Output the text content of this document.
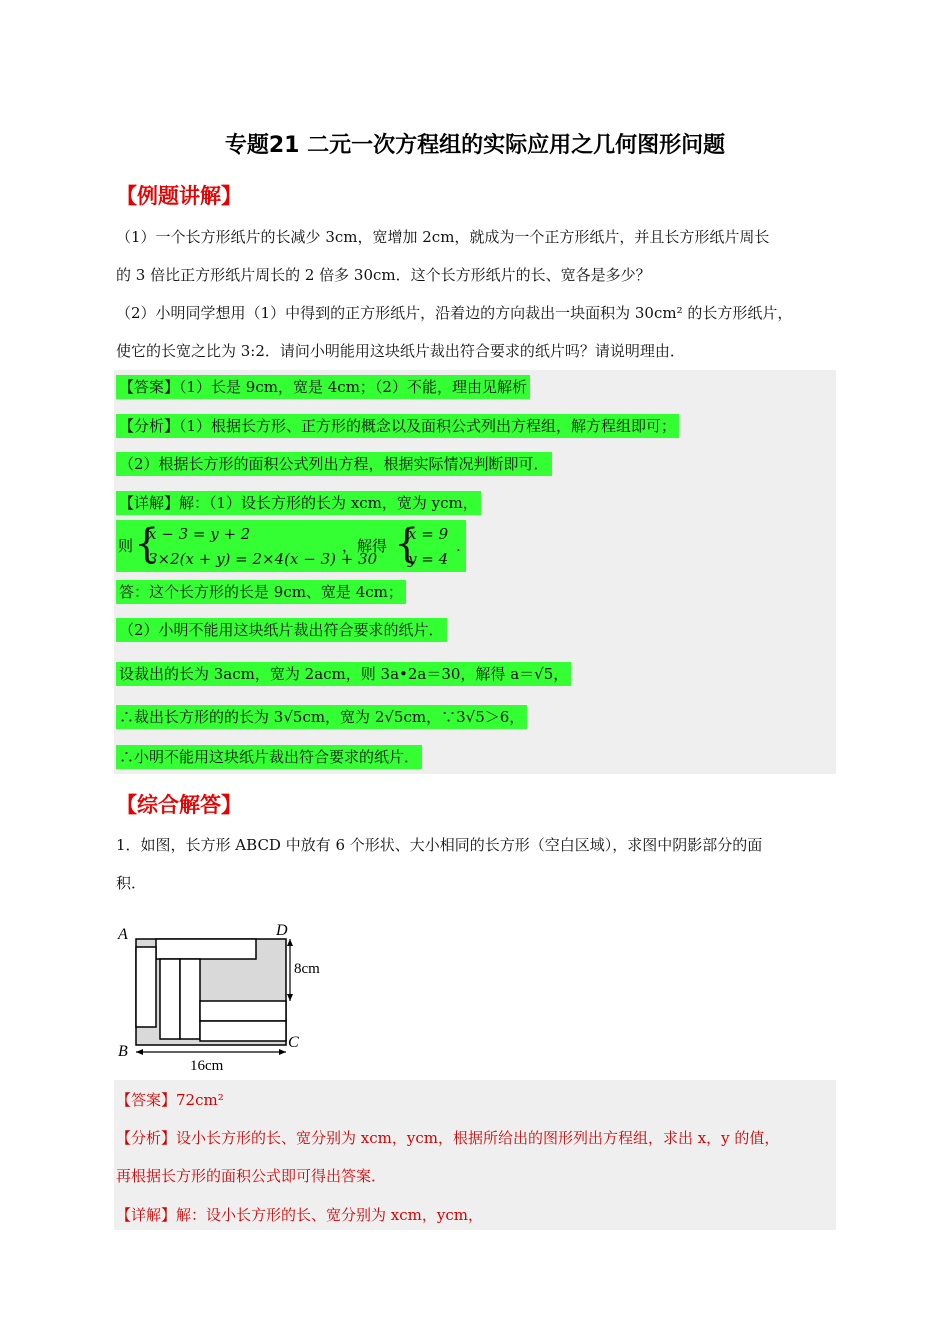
专题21 二元一次方程组的实际应用之几何图形问题
【例题讲解】
（1）一个长方形纸片的长减少 3cm，宽增加 2cm，就成为一个正方形纸片，并且长方形纸片周长
的 3 倍比正方形纸片周长的 2 倍多 30cm．这个长方形纸片的长、宽各是多少？
（2）小明同学想用（1）中得到的正方形纸片，沿着边的方向裁出一块面积为 30cm² 的长方形纸片，
使它的长宽之比为 3:2．请问小明能用这块纸片裁出符合要求的纸片吗？请说明理由．
【答案】（1）长是 9cm，宽是 4cm；（2）不能，理由见解析
【分析】（1）根据长方形、正方形的概念以及面积公式列出方程组，解方程组即可；
（2）根据长方形的面积公式列出方程，根据实际情况判断即可．
【详解】解：（1）设长方形的长为 xcm，宽为 ycm，
则 {
x − 3 = y + 2
3×2(x + y) = 2×4(x − 3) + 30
，解得 {
x = 9
y = 4
.
答：这个长方形的长是 9cm、宽是 4cm；
（2）小明不能用这块纸片裁出符合要求的纸片．
设裁出的长为 3acm，宽为 2acm，则 3a•2a＝30，解得 a＝√5，
∴裁出长方形的的长为 3√5cm，宽为 2√5cm，∵3√5＞6，
∴小明不能用这块纸片裁出符合要求的纸片．
【综合解答】
1．如图，长方形 ABCD 中放有 6 个形状、大小相同的长方形（空白区域），求图中阴影部分的面
积．
A
B
C
D
8cm
16cm
【答案】72cm²
【分析】设小长方形的长、宽分别为 xcm，ycm，根据所给出的图形列出方程组，求出 x，y 的值，
再根据长方形的面积公式即可得出答案．
【详解】解：设小长方形的长、宽分别为 xcm，ycm，
